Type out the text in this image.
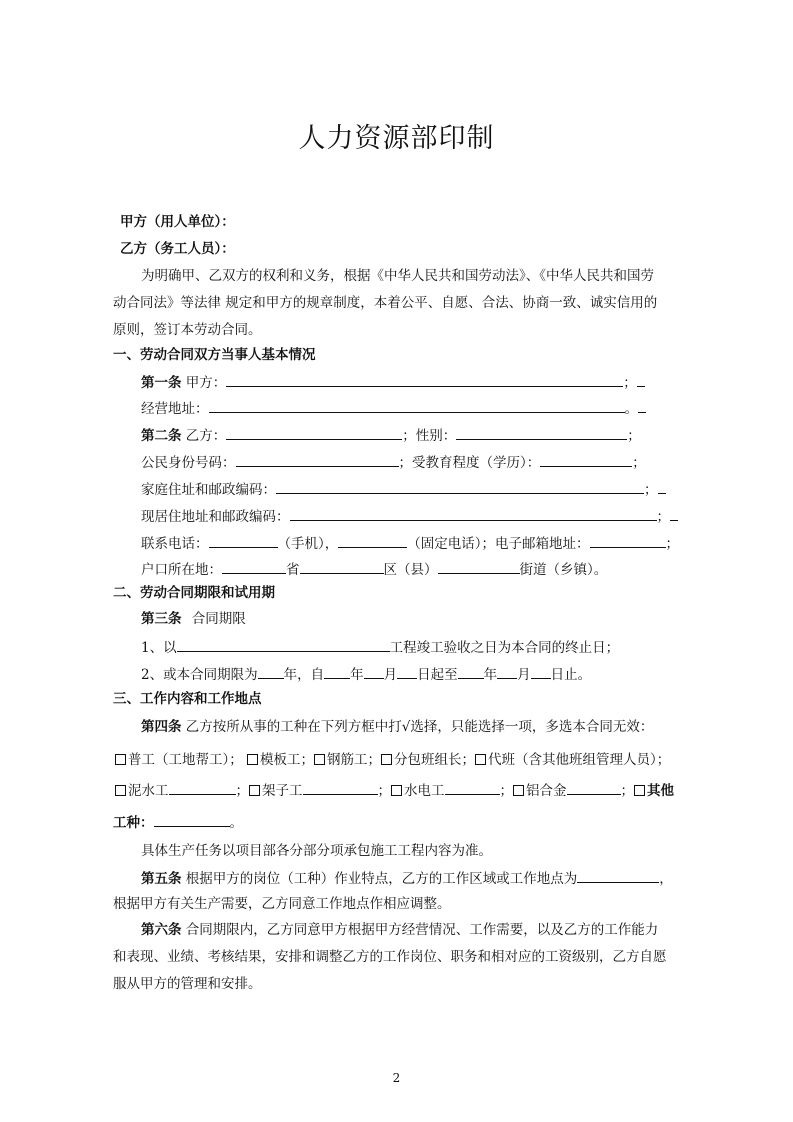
人力资源部印制
甲方（用人单位）：
乙方（务工人员）：
为明确甲、乙双方的权利和义务，根据《中华人民共和国劳动法》、《中华人民共和国劳
动合同法》等法律 规定和甲方的规章制度，本着公平、自愿、合法、协商一致、诚实信用的
原则，签订本劳动合同。
一、劳动合同双方当事人基本情况
第一条 甲方：	；
经营地址：	。
第二条 乙方：	；性别：	；
公民身份号码：	；受教育程度（学历）：	；
家庭住址和邮政编码：	；
现居住地址和邮政编码：	；
联系电话：	（手机），	（固定电话）；电子邮箱地址：	；
户口所在地：	省	区（县）	街道（乡镇）。
二、劳动合同期限和试用期
第三条 合同期限
1、以	工程竣工验收之日为本合同的终止日；
2、或本合同期限为 年，自 年 月 日起至 年 月 日止。
三、工作内容和工作地点
第四条 乙方按所从事的工种在下列方框中打√选择，只能选择一项，多选本合同无效：
普工（工地帮工）； 模板工； 钢筋工； 分包班组长； 代班（含其他班组管理人员）；
泥水工	； 架子工	； 水电工	； 铝合金	； 其他
工种：	。
具体生产任务以项目部各分部分项承包施工工程内容为准。
第五条 根据甲方的岗位（工种）作业特点，乙方的工作区域或工作地点为	，
根据甲方有关生产需要，乙方同意工作地点作相应调整。
第六条 合同期限内，乙方同意甲方根据甲方经营情况、工作需要，以及乙方的工作能力
和表现、业绩、考核结果，安排和调整乙方的工作岗位、职务和相对应的工资级别，乙方自愿
服从甲方的管理和安排。
2
